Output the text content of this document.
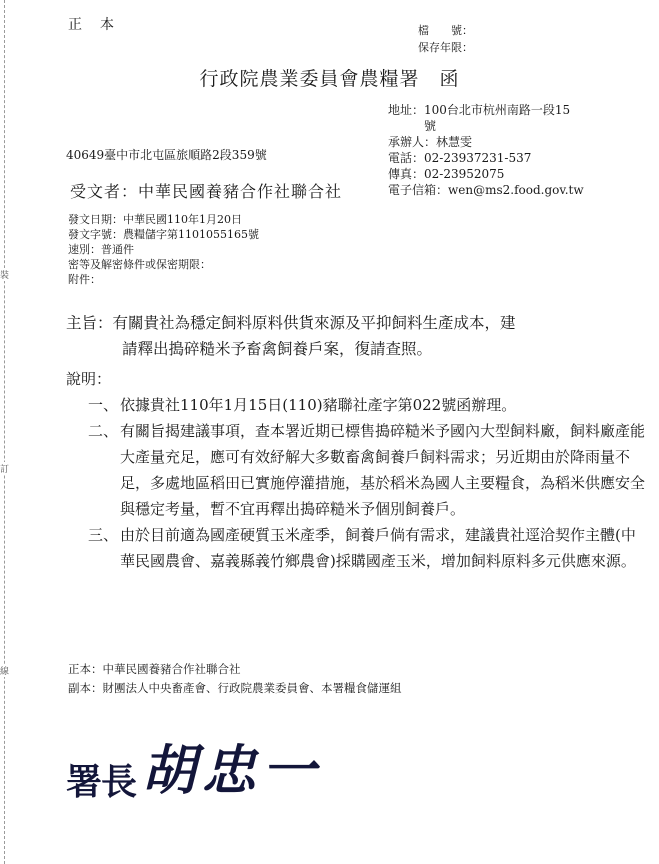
裝
訂
線
正　本	檔　　號：
保存年限：
行政院農業委員會農糧署　函
地址：100台北市杭州南路一段15
號
承辦人：林慧雯
電話：02-23937231-537
傳真：02-23952075
電子信箱：wen@ms2.food.gov.tw
40649臺中市北屯區旅順路2段359號
受文者：中華民國養豬合作社聯合社
發文日期：中華民國110年1月20日
發文字號：農糧儲字第1101055165號
速別：普通件
密等及解密條件或保密期限：
附件：
主旨：有關貴社為穩定飼料原料供貨來源及平抑飼料生產成本，建
請釋出搗碎糙米予畜禽飼養戶案，復請查照。
說明：
一、 依據貴社110年1月15日(110)豬聯社產字第022號函辦理。
二、 有關旨揭建議事項，查本署近期已標售搗碎糙米予國內大型飼料廠，飼料廠產能大產量充足，應可有效紓解大多數畜禽飼養戶飼料需求；另近期由於降雨量不足，多處地區稻田已實施停灌措施，基於稻米為國人主要糧食，為稻米供應安全與穩定考量，暫不宜再釋出搗碎糙米予個別飼養戶。
三、 由於目前適為國產硬質玉米產季，飼養戶倘有需求，建議貴社逕洽契作主體(中華民國農會、嘉義縣義竹鄉農會)採購國產玉米，增加飼料原料多元供應來源。
正本：中華民國養豬合作社聯合社
副本：財團法人中央畜產會、行政院農業委員會、本署糧食儲運組
署長 胡忠一
